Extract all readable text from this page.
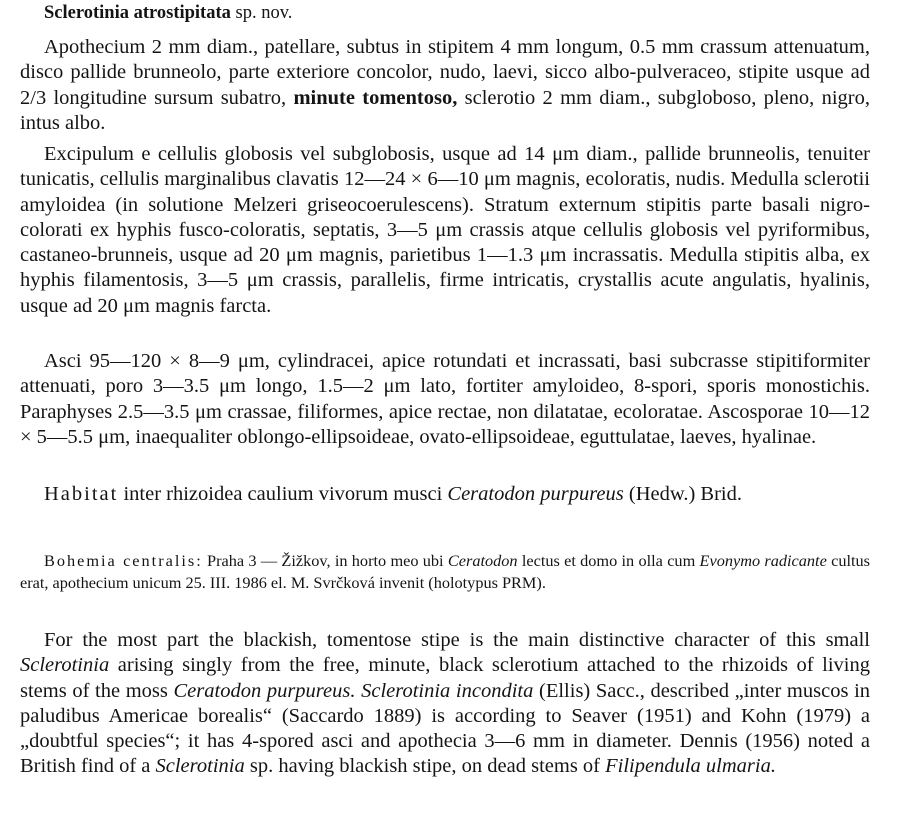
Sclerotinia atrostipitata sp. nov.

Apothecium 2 mm diam., patellare, subtus in stipitem 4 mm longum, 0.5 mm crassum attenuatum, disco pallide brunneolo, parte exteriore concolor, nudo, laevi, sicco albo-pulveraceo, stipite usque ad 2/3 longitudine sursum subatro, minute tomentoso, sclerotio 2 mm diam., subgloboso, pleno, nigro, intus albo.

Excipulum e cellulis globosis vel subglobosis, usque ad 14 μm diam., pallide brunneolis, tenuiter tunicatis, cellulis marginalibus clavatis 12—24 × 6—10 μm magnis, ecoloratis, nudis. Medulla sclerotii amyloidea (in solutione Melzeri griseocoerulescens). Stratum externum stipitis parte basali nigro-colorati ex hyphis fusco-coloratis, septatis, 3—5 μm crassis atque cellulis globosis vel pyriformibus, castaneo-brunneis, usque ad 20 μm magnis, parietibus 1—1.3 μm incrassatis. Medulla stipitis alba, ex hyphis filamentosis, 3—5 μm crassis, parallelis, firme intricatis, crystallis acute angulatis, hyalinis, usque ad 20 μm magnis farcta.

Asci 95—120 × 8—9 μm, cylindracei, apice rotundati et incrassati, basi subcrasse stipitiformiter attenuati, poro 3—3.5 μm longo, 1.5—2 μm lato, fortiter amyloideo, 8-spori, sporis monostichis. Paraphyses 2.5—3.5 μm crassae, filiformes, apice rectae, non dilatatae, ecoloratae. Ascosporae 10—12 × 5—5.5 μm, inaequaliter oblongo-ellipsoideae, ovato-ellipsoideae, eguttulatae, laeves, hyalinae.

Habitat inter rhizoidea caulium vivorum musci Ceratodon purpureus (Hedw.) Brid.

Bohemia centralis: Praha 3 — Žižkov, in horto meo ubi Ceratodon lectus et domo in olla cum Evonymo radicante cultus erat, apothecium unicum 25. III. 1986 el. M. Svrčková invenit (holotypus PRM).

For the most part the blackish, tomentose stipe is the main distinctive character of this small Sclerotinia arising singly from the free, minute, black sclerotium attached to the rhizoids of living stems of the moss Ceratodon purpureus. Sclerotinia incondita (Ellis) Sacc., described „inter muscos in paludibus Americae borealis“ (Saccardo 1889) is according to Seaver (1951) and Kohn (1979) a „doubtful species“; it has 4-spored asci and apothecia 3—6 mm in diameter. Dennis (1956) noted a British find of a Sclerotinia sp. having blackish stipe, on dead stems of Filipendula ulmaria.
